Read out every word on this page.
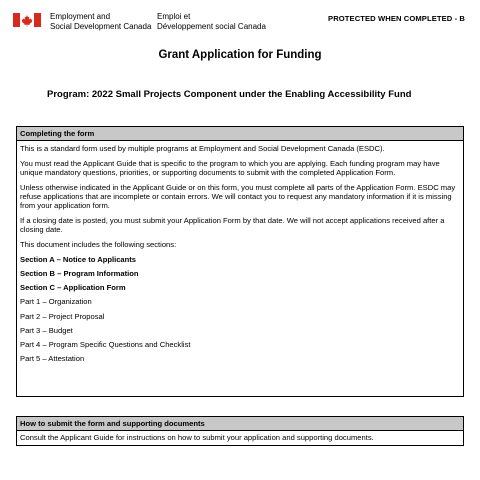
Employment and
Social Development Canada
Emploi et
Développement social Canada
PROTECTED WHEN COMPLETED - B
Grant Application for Funding
Program: 2022 Small Projects Component under the Enabling Accessibility Fund
Completing the form

This is a standard form used by multiple programs at Employment and Social Development Canada (ESDC).

You must read the Applicant Guide that is specific to the program to which you are applying. Each funding program may have unique mandatory questions, priorities, or supporting documents to submit with the completed Application Form.

Unless otherwise indicated in the Applicant Guide or on this form, you must complete all parts of the Application Form. ESDC may refuse applications that are incomplete or contain errors. We will contact you to request any mandatory information if it is missing from your application form.

If a closing date is posted, you must submit your Application Form by that date. We will not accept applications received after a closing date.

This document includes the following sections:

Section A – Notice to Applicants
Section B – Program Information
Section C – Application Form
Part 1 – Organization
Part 2 – Project Proposal
Part 3 – Budget
Part 4 – Program Specific Questions and Checklist
Part 5 – Attestation
How to submit the form and supporting documents
Consult the Applicant Guide for instructions on how to submit your application and supporting documents.
